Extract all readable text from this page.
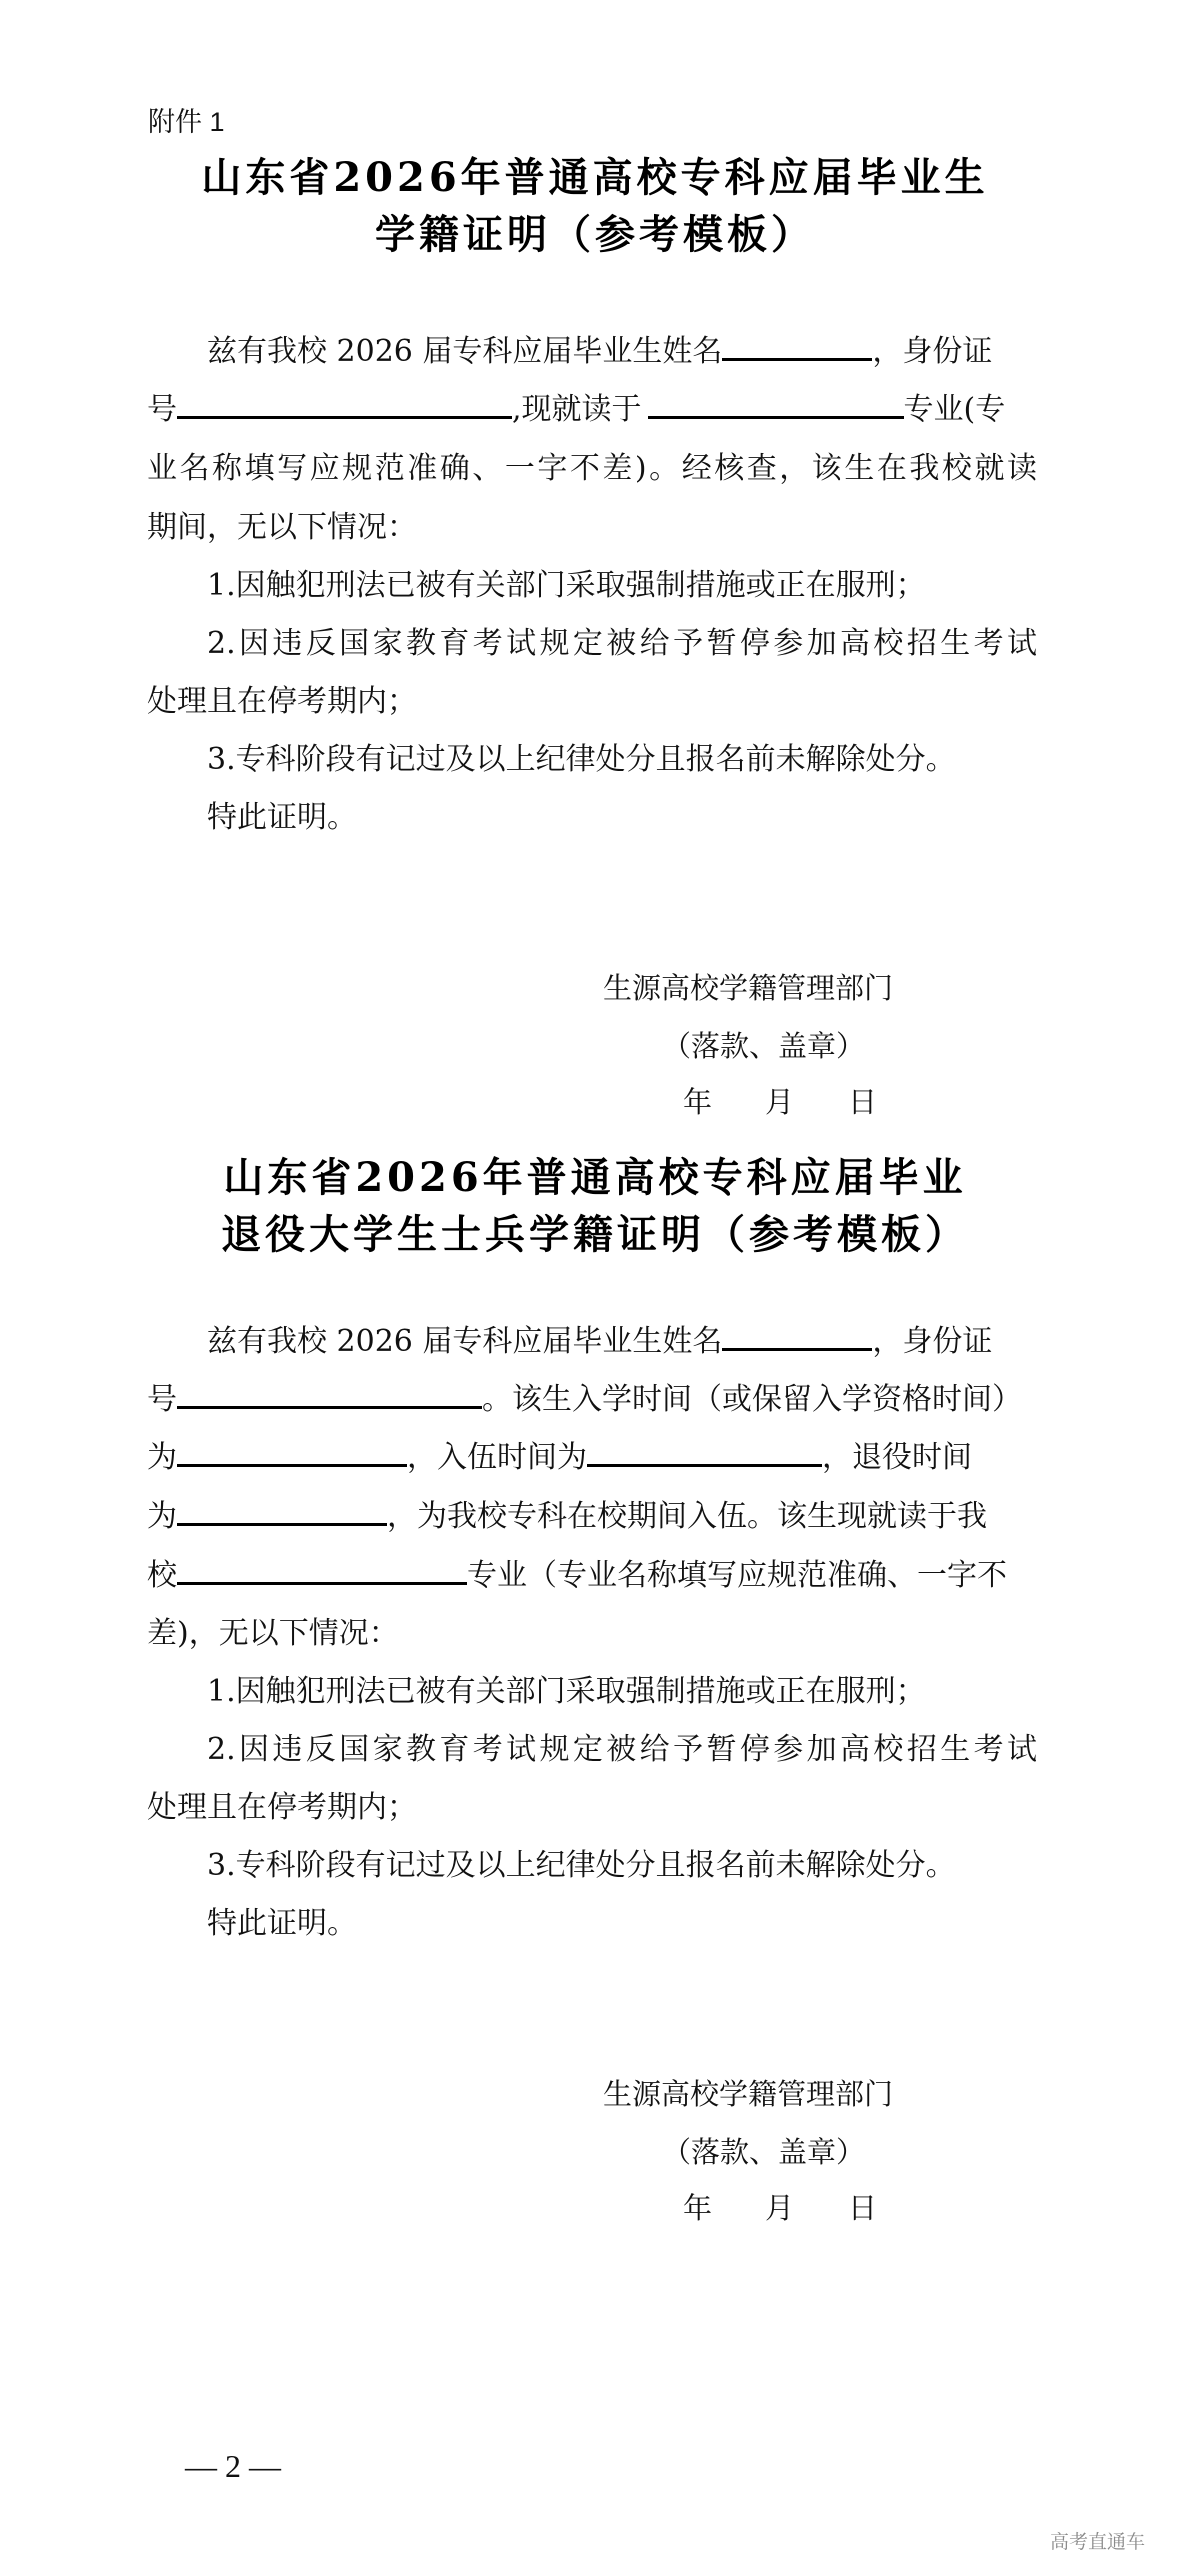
附件 1
山东省2026年普通高校专科应届毕业生
学籍证明（参考模板）
兹有我校 2026 届专科应届毕业生姓名	，身份证
号	,现就读于	专业(专
业名称填写应规范准确、一字不差)。经核查，该生在我校就读
期间，无以下情况：
1.因触犯刑法已被有关部门采取强制措施或正在服刑；
2.因违反国家教育考试规定被给予暂停参加高校招生考试
处理且在停考期内；
3.专科阶段有记过及以上纪律处分且报名前未解除处分。
特此证明。
生源高校学籍管理部门
（落款、盖章）
年 月 日
山东省2026年普通高校专科应届毕业
退役大学生士兵学籍证明（参考模板）
兹有我校 2026 届专科应届毕业生姓名	，身份证
号	。该生入学时间（或保留入学资格时间）
为	，入伍时间为	，退役时间
为	，为我校专科在校期间入伍。该生现就读于我
校	专业（专业名称填写应规范准确、一字不
差)，无以下情况：
1.因触犯刑法已被有关部门采取强制措施或正在服刑；
2.因违反国家教育考试规定被给予暂停参加高校招生考试
处理且在停考期内；
3.专科阶段有记过及以上纪律处分且报名前未解除处分。
特此证明。
生源高校学籍管理部门
（落款、盖章）
年 月 日
— 2 —
高考直通车
